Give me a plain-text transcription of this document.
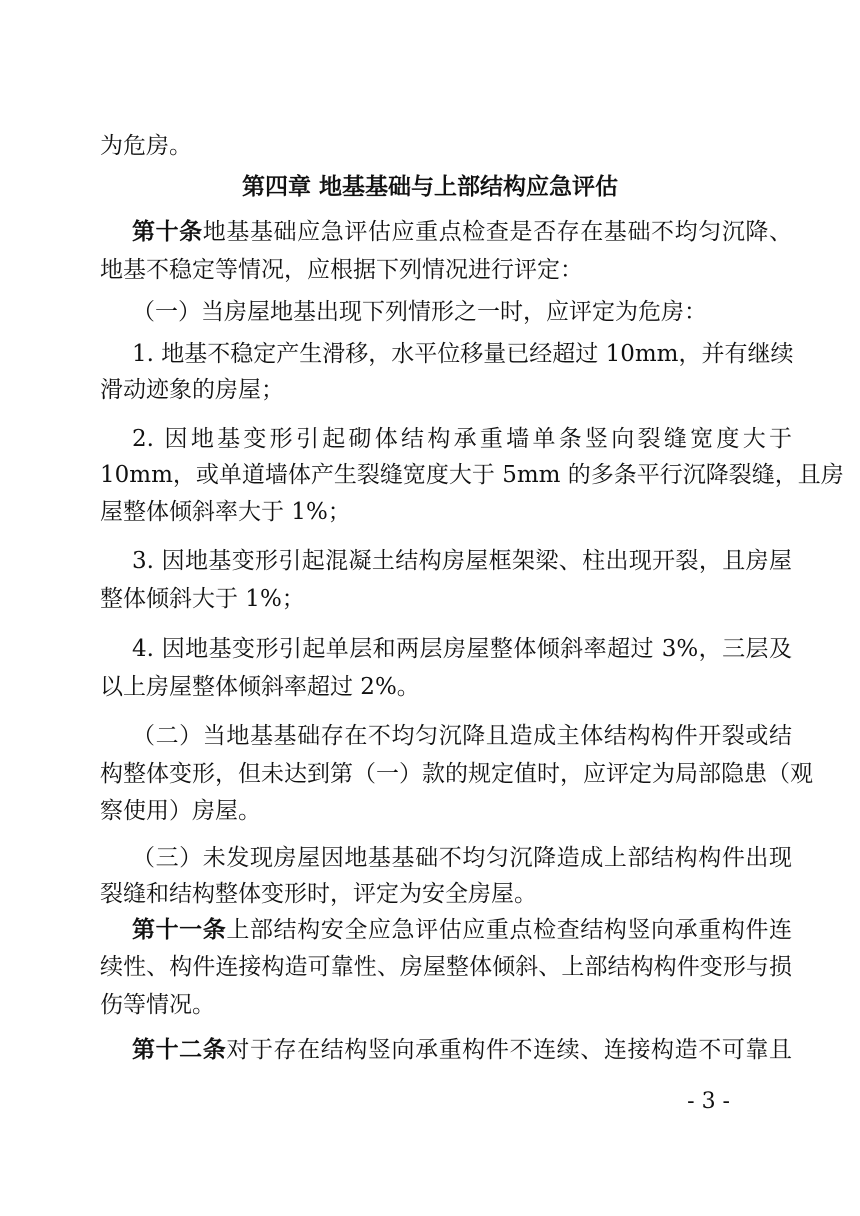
为危房。
第四章 地基基础与上部结构应急评估
第十条地基基础应急评估应重点检查是否存在基础不均匀沉降、
地基不稳定等情况，应根据下列情况进行评定：
（一）当房屋地基出现下列情形之一时，应评定为危房：
1. 地基不稳定产生滑移，水平位移量已经超过 10mm，并有继续
滑动迹象的房屋；
2. 因地基变形引起砌体结构承重墙单条竖向裂缝宽度大于
10mm，或单道墙体产生裂缝宽度大于 5mm 的多条平行沉降裂缝，且房
屋整体倾斜率大于 1%；
3. 因地基变形引起混凝土结构房屋框架梁、柱出现开裂，且房屋
整体倾斜大于 1%；
4. 因地基变形引起单层和两层房屋整体倾斜率超过 3%，三层及
以上房屋整体倾斜率超过 2%。
（二）当地基基础存在不均匀沉降且造成主体结构构件开裂或结
构整体变形，但未达到第（一）款的规定值时，应评定为局部隐患（观
察使用）房屋。
（三）未发现房屋因地基基础不均匀沉降造成上部结构构件出现
裂缝和结构整体变形时，评定为安全房屋。
第十一条上部结构安全应急评估应重点检查结构竖向承重构件连
续性、构件连接构造可靠性、房屋整体倾斜、上部结构构件变形与损
伤等情况。
第十二条对于存在结构竖向承重构件不连续、连接构造不可靠且
- 3 -
